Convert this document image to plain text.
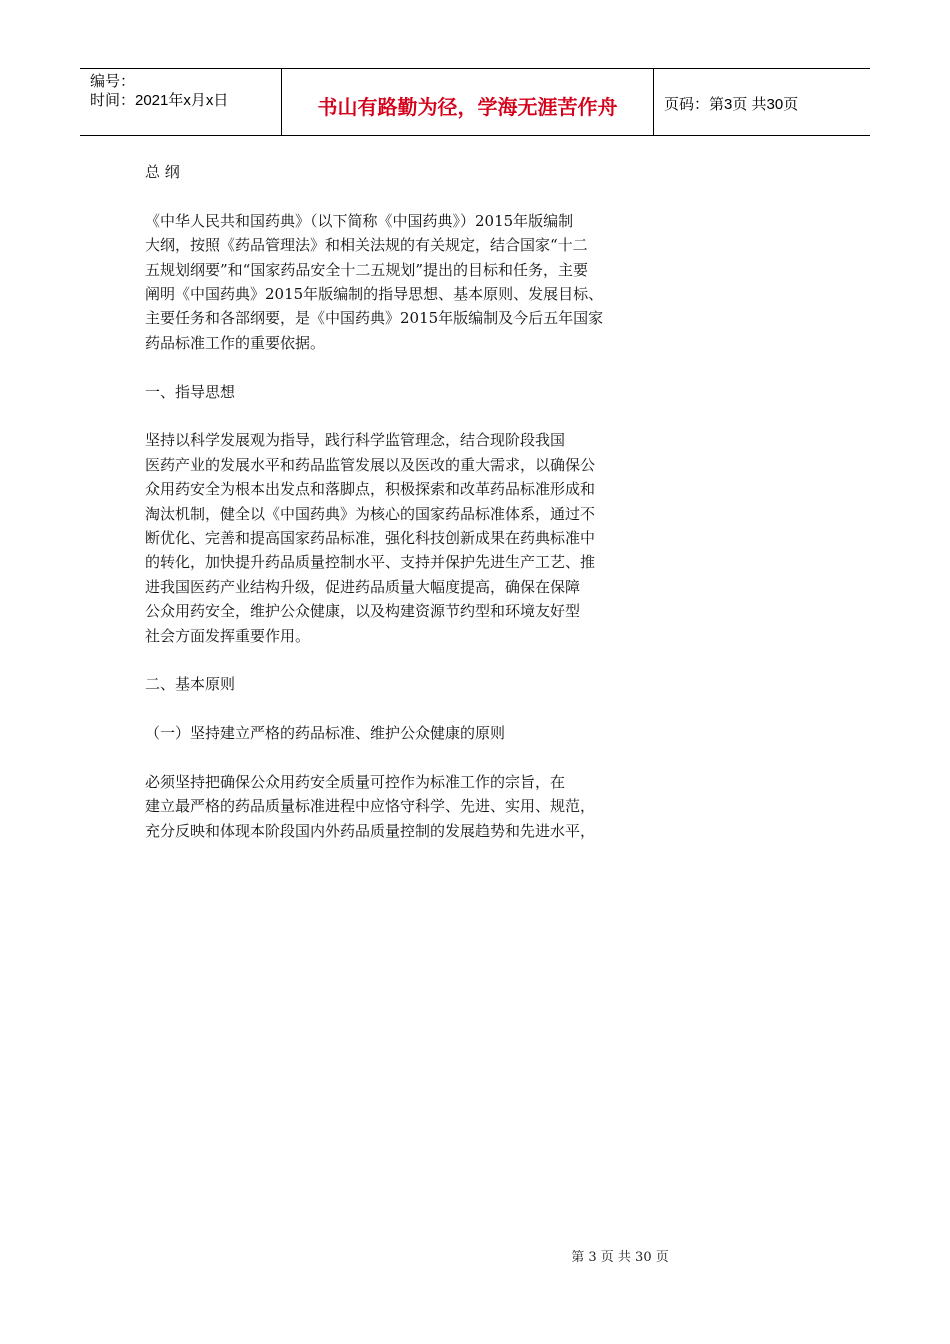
编号：
时间：2021年x月x日	书山有路勤为径，学海无涯苦作舟	页码：第3页 共30页

总 纲

《中华人民共和国药典》（以下简称《中国药典》）2015年版编制
大纲，按照《药品管理法》和相关法规的有关规定，结合国家“十二
五规划纲要”和“国家药品安全十二五规划”提出的目标和任务，主要
阐明《中国药典》2015年版编制的指导思想、基本原则、发展目标、
主要任务和各部纲要，是《中国药典》2015年版编制及今后五年国家
药品标准工作的重要依据。

一、指导思想

坚持以科学发展观为指导，践行科学监管理念，结合现阶段我国
医药产业的发展水平和药品监管发展以及医改的重大需求，以确保公
众用药安全为根本出发点和落脚点，积极探索和改革药品标准形成和
淘汰机制，健全以《中国药典》为核心的国家药品标准体系，通过不
断优化、完善和提高国家药品标准，强化科技创新成果在药典标准中
的转化，加快提升药品质量控制水平、支持并保护先进生产工艺、推
进我国医药产业结构升级，促进药品质量大幅度提高，确保在保障
公众用药安全，维护公众健康，以及构建资源节约型和环境友好型
社会方面发挥重要作用。

二、基本原则

（一）坚持建立严格的药品标准、维护公众健康的原则

必须坚持把确保公众用药安全质量可控作为标准工作的宗旨，在
建立最严格的药品质量标准进程中应恪守科学、先进、实用、规范，
充分反映和体现本阶段国内外药品质量控制的发展趋势和先进水平，

第 3 页 共 30 页
